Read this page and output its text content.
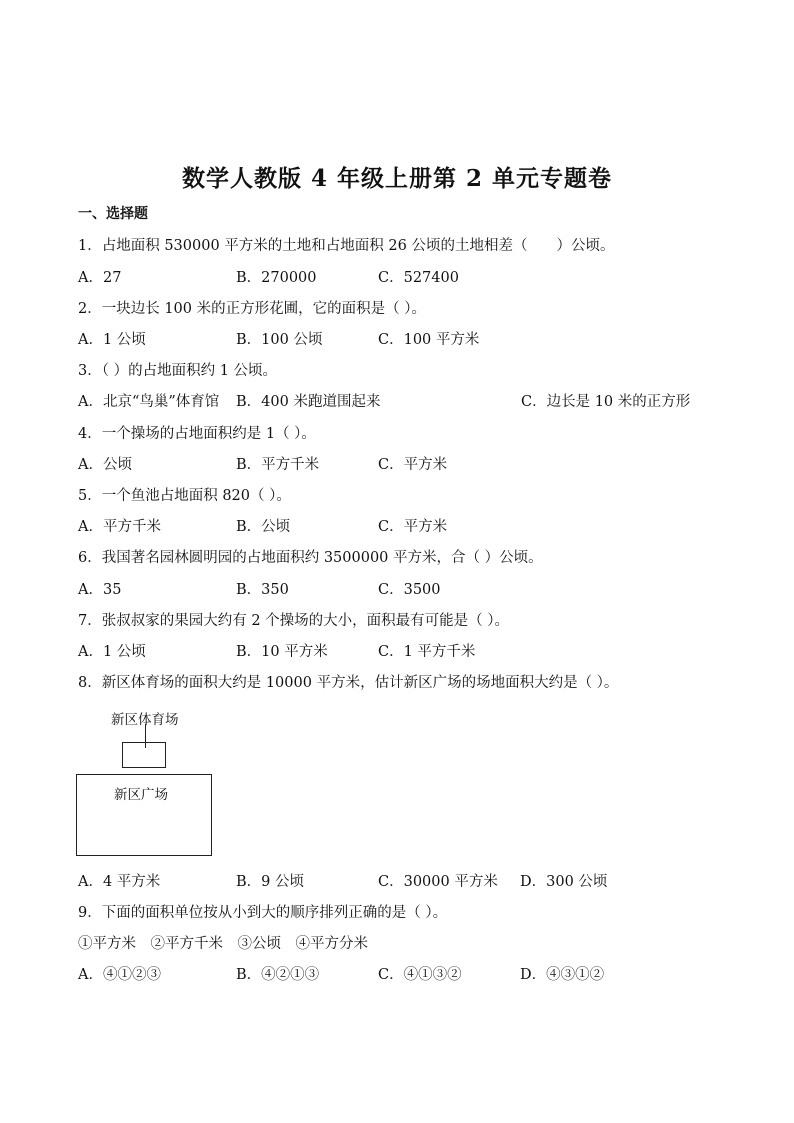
数学人教版 4 年级上册第 2 单元专题卷
一、选择题
1．占地面积 530000 平方米的土地和占地面积 26 公顷的土地相差（　　）公顷。
A．27	B．270000	C．527400
2．一块边长 100 米的正方形花圃，它的面积是（ ）。
A．1 公顷	B．100 公顷	C．100 平方米
3．（ ）的占地面积约 1 公顷。
A．北京“鸟巢”体育馆 B．400 米跑道围起来	C．边长是 10 米的正方形
4．一个操场的占地面积约是 1（ ）。
A．公顷	B．平方千米	C．平方米
5．一个鱼池占地面积 820（ ）。
A．平方千米	B．公顷	C．平方米
6．我国著名园林圆明园的占地面积约 3500000 平方米，合（ ）公顷。
A．35	B．350	C．3500
7．张叔叔家的果园大约有 2 个操场的大小，面积最有可能是（ ）。
A．1 公顷	B．10 平方米	C．1 平方千米
8．新区体育场的面积大约是 10000 平方米，估计新区广场的场地面积大约是（ ）。
新区体育场
新区广场
A．4 平方米	B．9 公顷	C．30000 平方米 D．300 公顷
9．下面的面积单位按从小到大的顺序排列正确的是（ ）。
①平方米　②平方千米　③公顷　④平方分米
A．④①②③	B．④②①③	C．④①③②	D．④③①②
